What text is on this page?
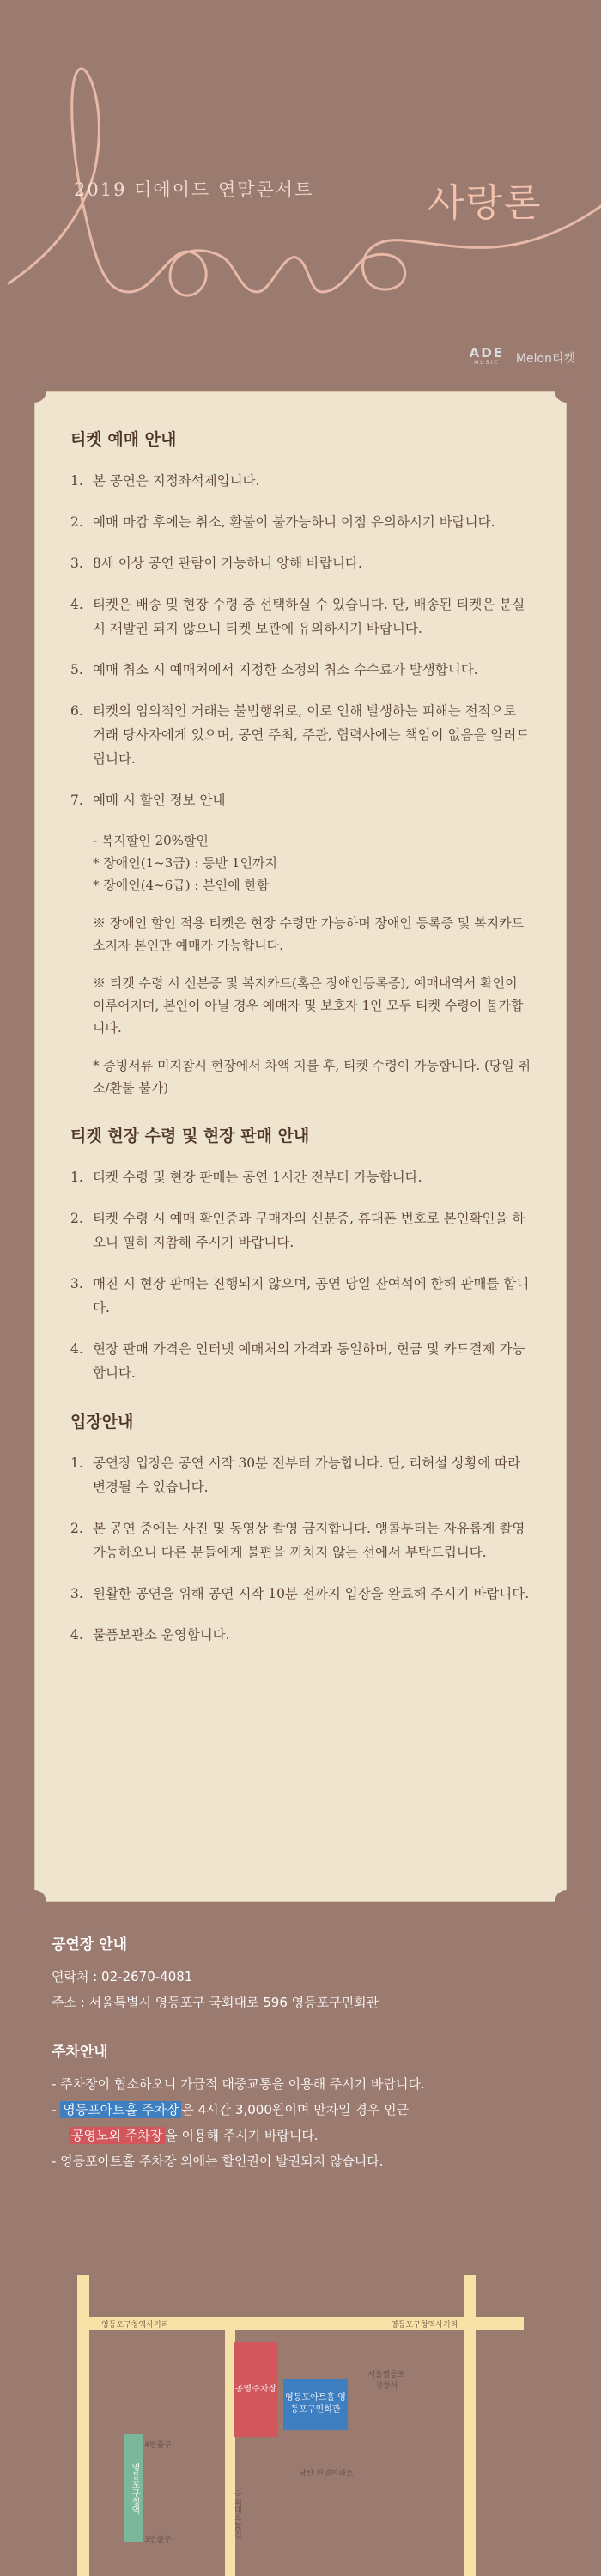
2019 디에이드 연말콘서트	사랑론
ADE
MUSIC Melon티켓
티켓 예매 안내
1. 본 공연은 지정좌석제입니다.
2. 예매 마감 후에는 취소, 환불이 불가능하니 이점 유의하시기 바랍니다.
3. 8세 이상 공연 관람이 가능하니 양해 바랍니다.
4. 티켓은 배송 및 현장 수령 중 선택하실 수 있습니다. 단, 배송된 티켓은 분실 시 재발권 되지 않으니 티켓 보관에 유의하시기 바랍니다.
5. 예매 취소 시 예매처에서 지정한 소정의 취소 수수료가 발생합니다.
6. 티켓의 임의적인 거래는 불법행위로, 이로 인해 발생하는 피해는 전적으로 거래 당사자에게 있으며, 공연 주최, 주관, 협력사에는 책임이 없음을 알려드립니다.
7. 예매 시 할인 정보 안내

- 복지할인 20%할인

* 장애인(1~3급) : 동반 1인까지

* 장애인(4~6급) : 본인에 한함

※ 장애인 할인 적용 티켓은 현장 수령만 가능하며 장애인 등록증 및 복지카드 소지자 본인만 예매가 가능합니다.

※ 티켓 수령 시 신분증 및 복지카드(혹은 장애인등록증), 예매내역서 확인이 이루어지며, 본인이 아닐 경우 예매자 및 보호자 1인 모두 티켓 수령이 불가합니다.

* 증빙서류 미지참시 현장에서 차액 지불 후, 티켓 수령이 가능합니다. (당일 취소/환불 불가)

티켓 현장 수령 및 현장 판매 안내
1. 티켓 수령 및 현장 판매는 공연 1시간 전부터 가능합니다.
2. 티켓 수령 시 예매 확인증과 구매자의 신분증, 휴대폰 번호로 본인확인을 하오니 필히 지참해 주시기 바랍니다.
3. 매진 시 현장 판매는 진행되지 않으며, 공연 당일 잔여석에 한해 판매를 합니다.
4. 현장 판매 가격은 인터넷 예매처의 가격과 동일하며, 현금 및 카드결제 가능합니다.
입장안내
1. 공연장 입장은 공연 시작 30분 전부터 가능합니다. 단, 리허설 상황에 따라 변경될 수 있습니다.
2. 본 공연 중에는 사진 및 동영상 촬영 금지합니다. 앵콜부터는 자유롭게 촬영 가능하오니 다른 분들에게 불편을 끼치지 않는 선에서 부탁드립니다.
3. 원활한 공연을 위해 공연 시작 10분 전까지 입장을 완료해 주시기 바랍니다.
4. 물품보관소 운영합니다.
공연장 안내
연락처 : 02-2670-4081
주소 : 서울특별시 영등포구 국회대로 596 영등포구민회관
주차안내
- 주차장이 협소하오니 가급적 대중교통을 이용해 주시기 바랍니다.
- 영등포아트홀 주차장 은 4시간 3,000원이며 만차일 경우 인근
공영노외 주차장 을 이용해 주시기 바랍니다.
- 영등포아트홀 주차장 외에는 할인권이 발권되지 않습니다.
영등포구청역사거리	영등포구청역사거리
4번출구
3번출구
국회대로36길
영등포구청역
공영주차장
영등포아트홀 영등포구민회관
서울영등포 경찰서
당산 한양아파트
